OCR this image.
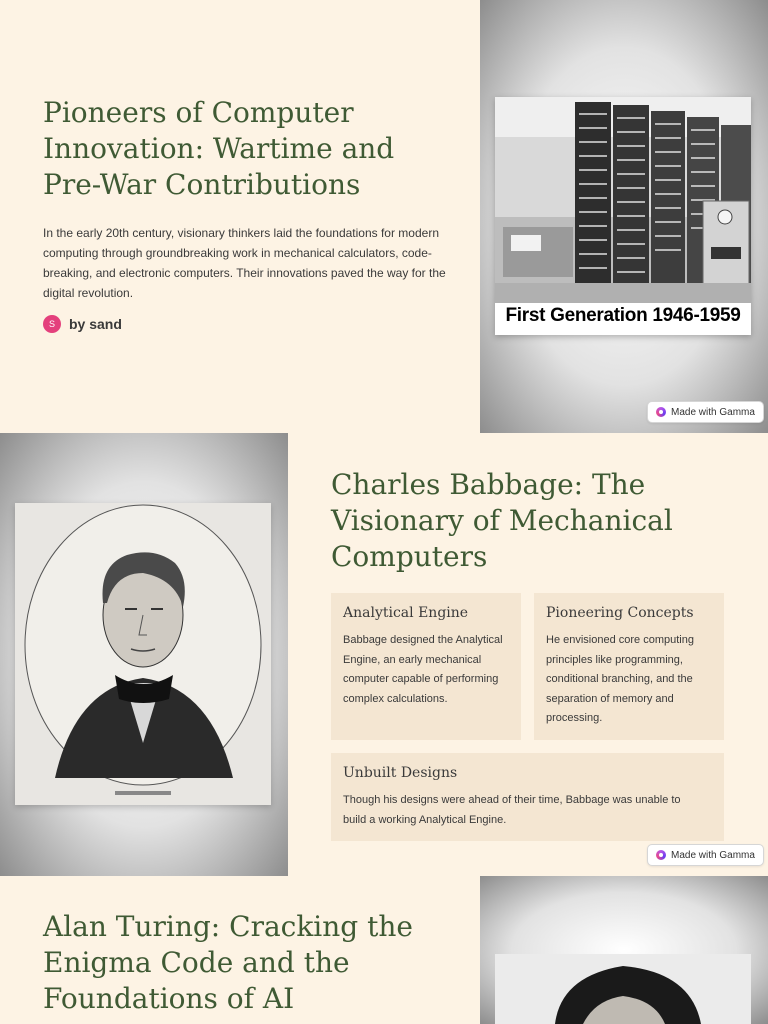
Pioneers of Computer
Innovation: Wartime and
Pre-War Contributions
In the early 20th century, visionary thinkers laid the foundations for modern
computing through groundbreaking work in mechanical calculators, code-
breaking, and electronic computers. Their innovations paved the way for the
digital revolution.
S	by sand	First Generation 1946-1959
Made with Gamma
Charles Babbage: The
Visionary of Mechanical
Computers
Analytical Engine
Babbage designed the Analytical
Engine, an early mechanical
computer capable of performing
complex calculations.
Pioneering Concepts
He envisioned core computing
principles like programming,
conditional branching, and the
separation of memory and
processing.
Unbuilt Designs
Though his designs were ahead of their time, Babbage was unable to
build a working Analytical Engine.
Made with Gamma
Alan Turing: Cracking the
Enigma Code and the
Foundations of AI
